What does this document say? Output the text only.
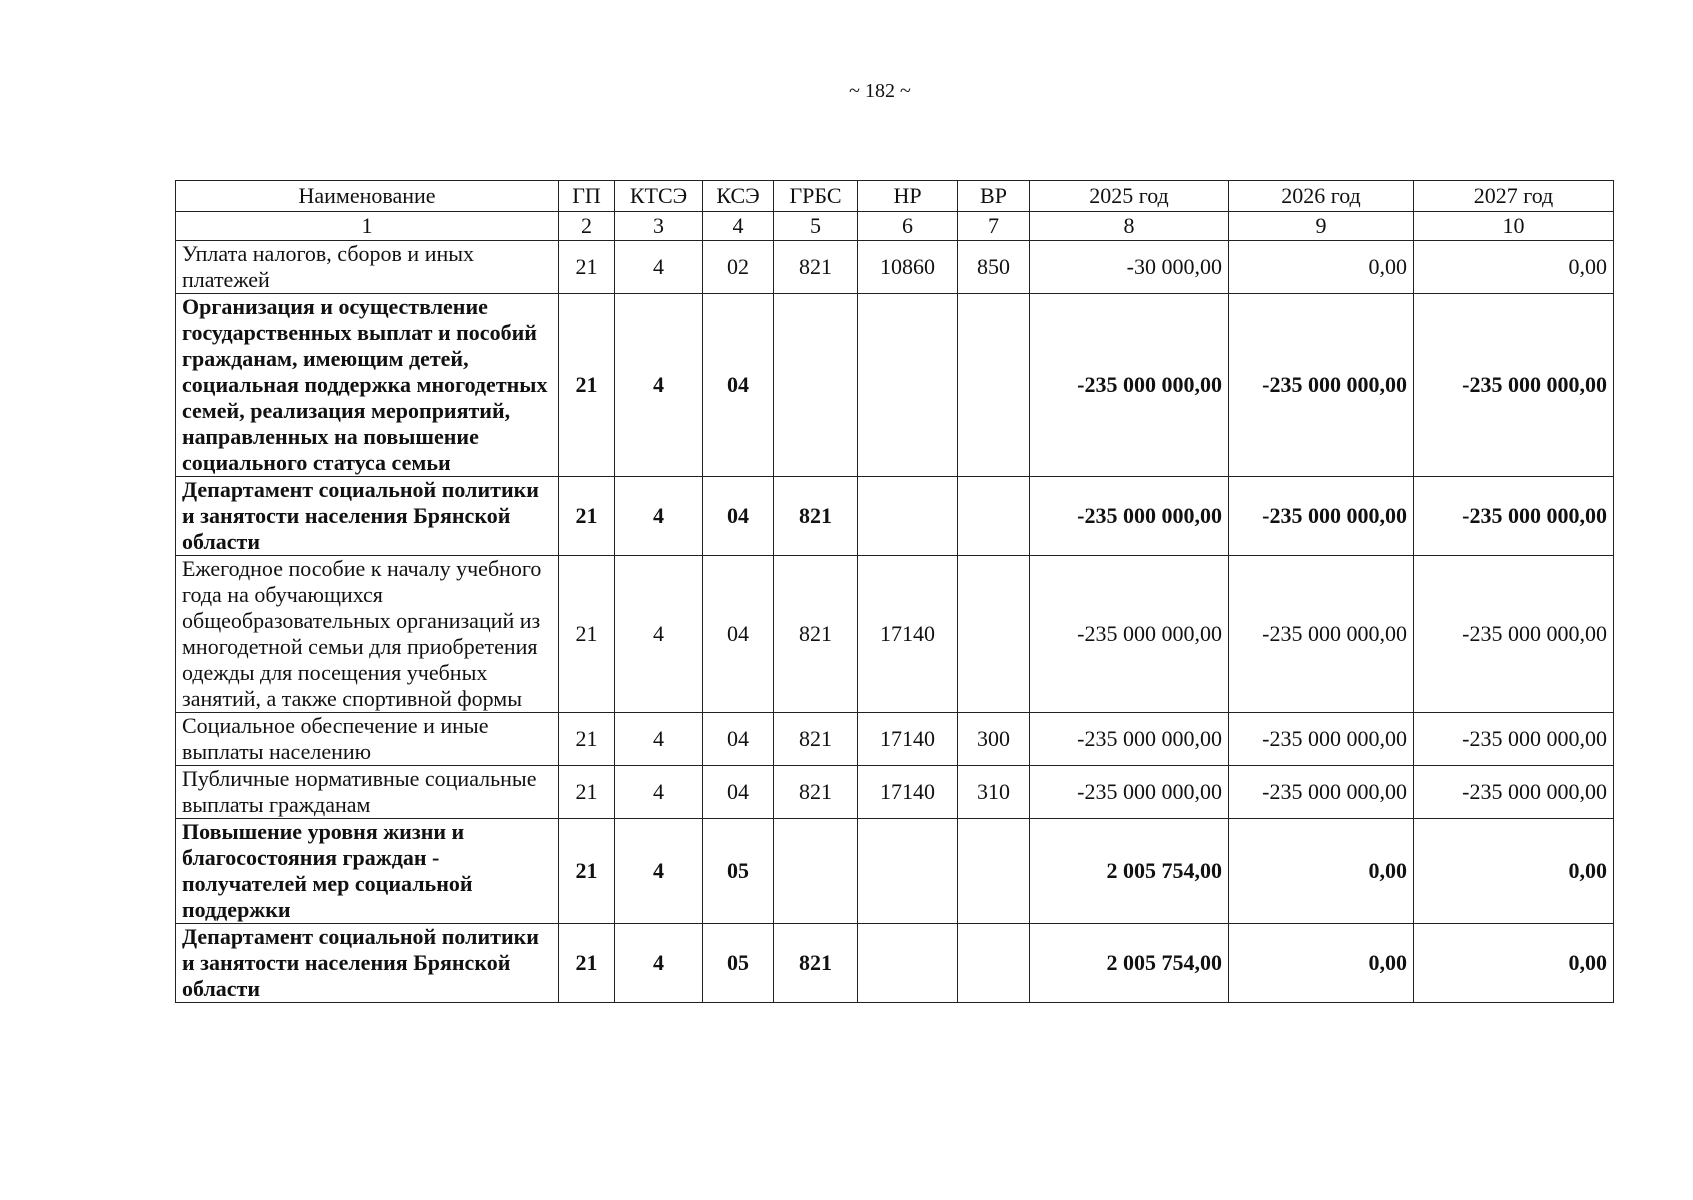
~ 182 ~
Наименование	ГП	КТСЭ	КСЭ	ГРБС	НР	ВР	2025 год	2026 год	2027 год
1	2	3	4	5	6	7	8	9	10
Уплата налогов, сборов и иных платежей	21	4	02	821	10860	850	-30 000,00	0,00	0,00
Организация и осуществление государственных выплат и пособий гражданам, имеющим детей, социальная поддержка многодетных семей, реализация мероприятий, направленных на повышение социального статуса семьи	21	4	04				-235 000 000,00	-235 000 000,00	-235 000 000,00
Департамент социальной политики и занятости населения Брянской области	21	4	04	821			-235 000 000,00	-235 000 000,00	-235 000 000,00
Ежегодное пособие к началу учебного года на обучающихся общеобразовательных организаций из многодетной семьи для приобретения одежды для посещения учебных занятий, а также спортивной формы	21	4	04	821	17140		-235 000 000,00	-235 000 000,00	-235 000 000,00
Социальное обеспечение и иные выплаты населению	21	4	04	821	17140	300	-235 000 000,00	-235 000 000,00	-235 000 000,00
Публичные нормативные социальные выплаты гражданам	21	4	04	821	17140	310	-235 000 000,00	-235 000 000,00	-235 000 000,00
Повышение уровня жизни и благосостояния граждан - получателей мер социальной поддержки	21	4	05				2 005 754,00	0,00	0,00
Департамент социальной политики и занятости населения Брянской области	21	4	05	821			2 005 754,00	0,00	0,00
